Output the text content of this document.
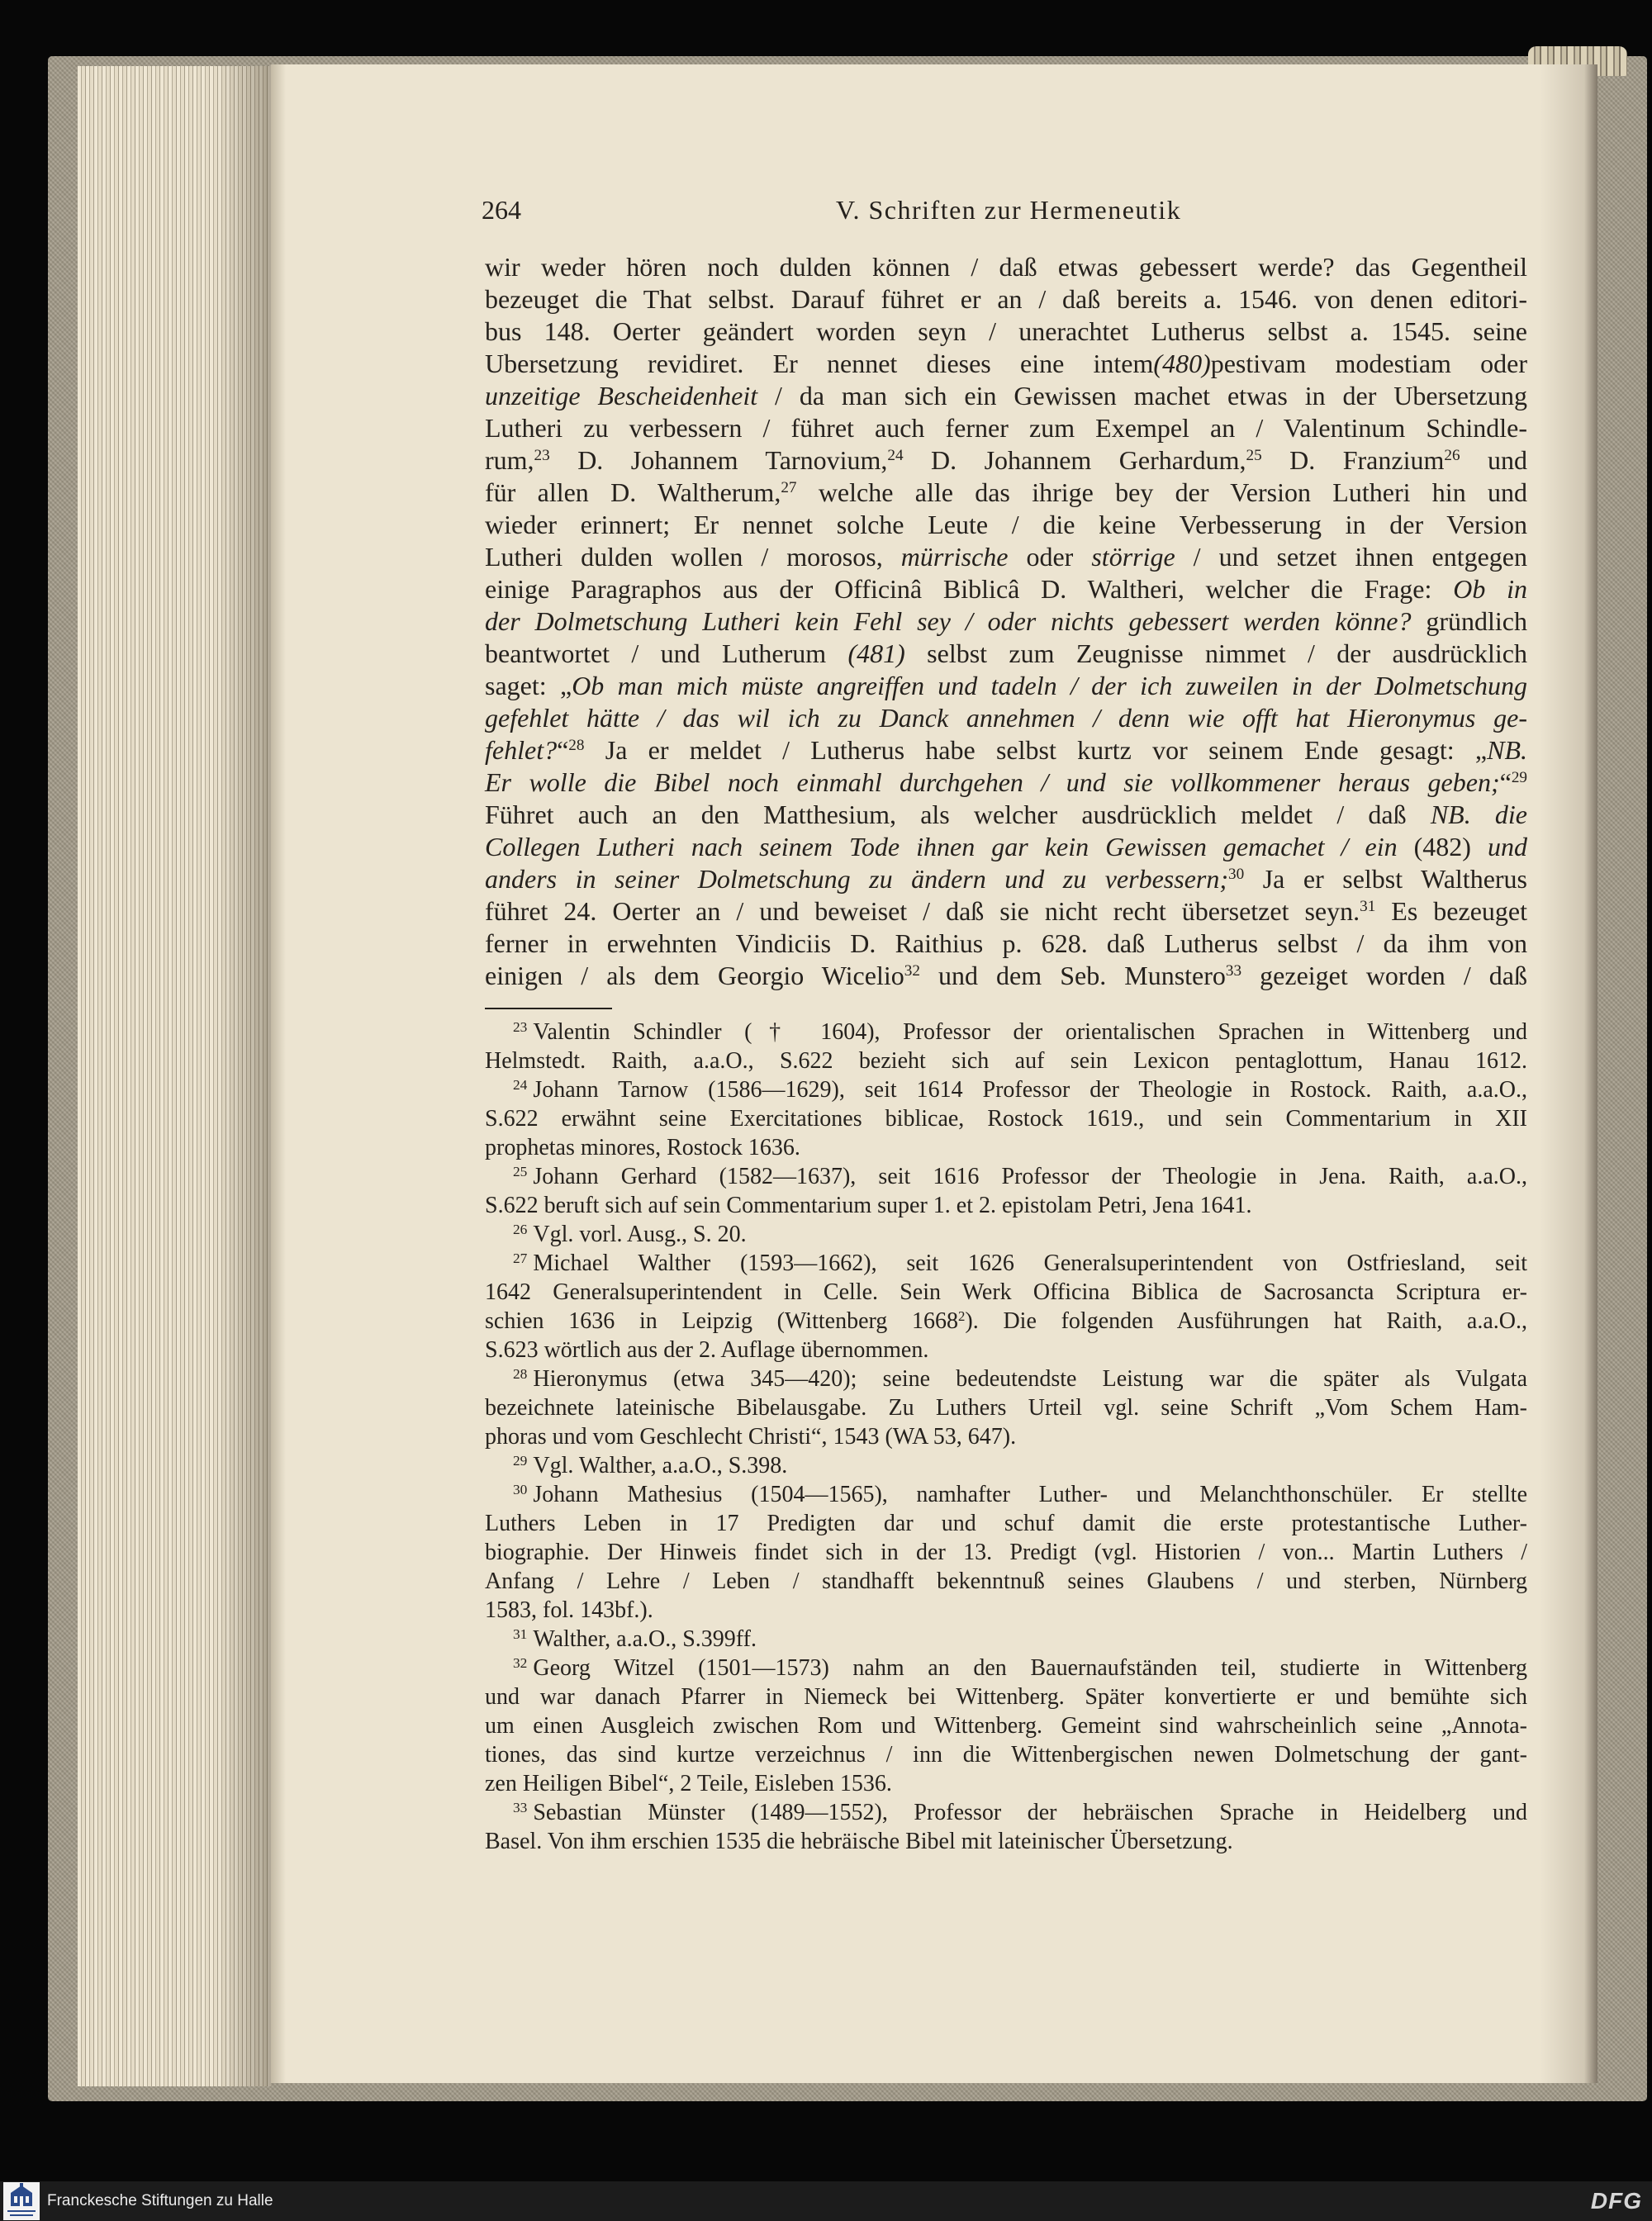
264	V. Schriften zur Hermeneutik
wir weder hören noch dulden können / daß etwas gebessert werde? das Gegentheil
bezeuget die That selbst. Darauf führet er an / daß bereits a. 1546. von denen editori-
bus 148. Oerter geändert worden seyn / unerachtet Lutherus selbst a. 1545. seine
Ubersetzung revidiret. Er nennet dieses eine intem(480)pestivam modestiam oder
unzeitige Bescheidenheit / da man sich ein Gewissen machet etwas in der Ubersetzung
Lutheri zu verbessern / führet auch ferner zum Exempel an / Valentinum Schindle-
rum,$^{23}$ D. Johannem Tarnovium,$^{24}$ D. Johannem Gerhardum,$^{25}$ D. Franzium$^{26}$ und
für allen D. Waltherum,$^{27}$ welche alle das ihrige bey der Version Lutheri hin und
wieder erinnert; Er nennet solche Leute / die keine Verbesserung in der Version
Lutheri dulden wollen / morosos, mürrische oder störrige / und setzet ihnen entgegen
einige Paragraphos aus der Officinâ Biblicâ D. Waltheri, welcher die Frage: Ob in
der Dolmetschung Lutheri kein Fehl sey / oder nichts gebessert werden könne? gründlich
beantwortet / und Lutherum (481) selbst zum Zeugnisse nimmet / der ausdrücklich
saget: „Ob man mich müste angreiffen und tadeln / der ich zuweilen in der Dolmetschung
gefehlet hätte / das wil ich zu Danck annehmen / denn wie offt hat Hieronymus ge-
fehlet?“$^{28}$ Ja er meldet / Lutherus habe selbst kurtz vor seinem Ende gesagt: „NB.
Er wolle die Bibel noch einmahl durchgehen / und sie vollkommener heraus geben;“$^{29}$
Führet auch an den Matthesium, als welcher ausdrücklich meldet / daß NB. die
Collegen Lutheri nach seinem Tode ihnen gar kein Gewissen gemachet / ein (482) und
anders in seiner Dolmetschung zu ändern und zu verbessern;$^{30}$ Ja er selbst Waltherus
führet 24. Oerter an / und beweiset / daß sie nicht recht übersetzet seyn.$^{31}$ Es bezeuget
ferner in erwehnten Vindiciis D. Raithius p. 628. daß Lutherus selbst / da ihm von
einigen / als dem Georgio Wicelio$^{32}$ und dem Seb. Munstero$^{33}$ gezeiget worden / daß
$^{23}$ Valentin Schindler († 1604), Professor der orientalischen Sprachen in Wittenberg und
Helmstedt. Raith, a.a.O., S.622 bezieht sich auf sein Lexicon pentaglottum, Hanau 1612.
$^{24}$ Johann Tarnow (1586—1629), seit 1614 Professor der Theologie in Rostock. Raith, a.a.O.,
S.622 erwähnt seine Exercitationes biblicae, Rostock 1619., und sein Commentarium in XII
prophetas minores, Rostock 1636.
$^{25}$ Johann Gerhard (1582—1637), seit 1616 Professor der Theologie in Jena. Raith, a.a.O.,
S.622 beruft sich auf sein Commentarium super 1. et 2. epistolam Petri, Jena 1641.
$^{26}$ Vgl. vorl. Ausg., S. 20.
$^{27}$ Michael Walther (1593—1662), seit 1626 Generalsuperintendent von Ostfriesland, seit
1642 Generalsuperintendent in Celle. Sein Werk Officina Biblica de Sacrosancta Scriptura er-
schien 1636 in Leipzig (Wittenberg 1668$^2$). Die folgenden Ausführungen hat Raith, a.a.O.,
S.623 wörtlich aus der 2. Auflage übernommen.
$^{28}$ Hieronymus (etwa 345—420); seine bedeutendste Leistung war die später als Vulgata
bezeichnete lateinische Bibelausgabe. Zu Luthers Urteil vgl. seine Schrift „Vom Schem Ham-
phoras und vom Geschlecht Christi“, 1543 (WA 53, 647).
$^{29}$ Vgl. Walther, a.a.O., S.398.
$^{30}$ Johann Mathesius (1504—1565), namhafter Luther- und Melanchthonschüler. Er stellte
Luthers Leben in 17 Predigten dar und schuf damit die erste protestantische Luther-
biographie. Der Hinweis findet sich in der 13. Predigt (vgl. Historien / von... Martin Luthers /
Anfang / Lehre / Leben / standhafft bekenntnuß seines Glaubens / und sterben, Nürnberg
1583, fol. 143bf.).
$^{31}$ Walther, a.a.O., S.399ff.
$^{32}$ Georg Witzel (1501—1573) nahm an den Bauernaufständen teil, studierte in Wittenberg
und war danach Pfarrer in Niemeck bei Wittenberg. Später konvertierte er und bemühte sich
um einen Ausgleich zwischen Rom und Wittenberg. Gemeint sind wahrscheinlich seine „Annota-
tiones, das sind kurtze verzeichnus / inn die Wittenbergischen newen Dolmetschung der gant-
zen Heiligen Bibel“, 2 Teile, Eisleben 1536.
$^{33}$ Sebastian Münster (1489—1552), Professor der hebräischen Sprache in Heidelberg und
Basel. Von ihm erschien 1535 die hebräische Bibel mit lateinischer Übersetzung.
Franckesche Stiftungen zu Halle	DFG
